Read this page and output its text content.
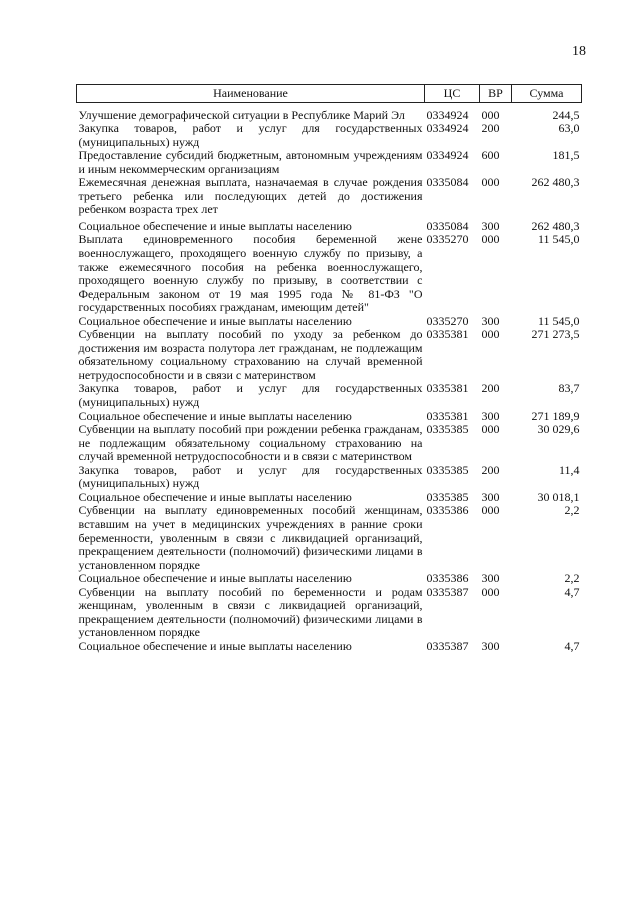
18
Наименование	ЦС	ВР	Сумма
Улучшение демографической ситуации в Республике Марий Эл	0334924	000	244,5
Закупка товаров, работ и услуг для государственных (муниципальных) нужд	0334924	200	63,0
Предоставление субсидий бюджетным, автономным учреждениям и иным некоммерческим организациям	0334924	600	181,5
Ежемесячная денежная выплата, назначаемая в случае рождения третьего ребенка или последующих детей до достижения ребенком возраста трех лет	0335084	000	262 480,3
Социальное обеспечение и иные выплаты населению	0335084	300	262 480,3
Выплата единовременного пособия беременной жене военнослужащего, проходящего военную службу по призыву, а также ежемесячного пособия на ребенка военнослужащего, проходящего военную службу по призыву, в соответствии с Федеральным законом от 19 мая 1995 года № 81-ФЗ "О государственных пособиях гражданам, имеющим детей"	0335270	000	11 545,0
Социальное обеспечение и иные выплаты населению	0335270	300	11 545,0
Субвенции на выплату пособий по уходу за ребенком до достижения им возраста полутора лет гражданам, не подлежащим обязательному социальному страхованию на случай временной нетрудоспособности и в связи с материнством	0335381	000	271 273,5
Закупка товаров, работ и услуг для государственных (муниципальных) нужд	0335381	200	83,7
Социальное обеспечение и иные выплаты населению	0335381	300	271 189,9
Субвенции на выплату пособий при рождении ребенка гражданам, не подлежащим обязательному социальному страхованию на случай временной нетрудоспособности и в связи с материнством	0335385	000	30 029,6
Закупка товаров, работ и услуг для государственных (муниципальных) нужд	0335385	200	11,4
Социальное обеспечение и иные выплаты населению	0335385	300	30 018,1
Субвенции на выплату единовременных пособий женщинам, вставшим на учет в медицинских учреждениях в ранние сроки беременности, уволенным в связи с ликвидацией организаций, прекращением деятельности (полномочий) физическими лицами в установленном порядке	0335386	000	2,2
Социальное обеспечение и иные выплаты населению	0335386	300	2,2
Субвенции на выплату пособий по беременности и родам женщинам, уволенным в связи с ликвидацией организаций, прекращением деятельности (полномочий) физическими лицами в установленном порядке	0335387	000	4,7
Социальное обеспечение и иные выплаты населению	0335387	300	4,7
